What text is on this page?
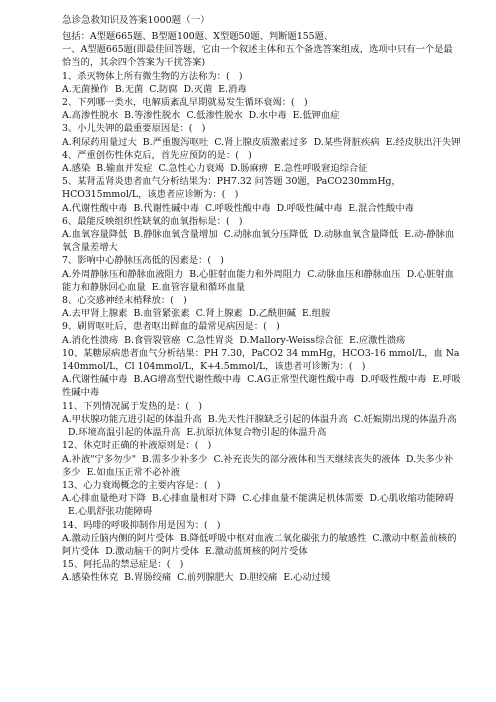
急诊急救知识及答案1000题（一）

包括：A型题665题、B型题100题、X型题50题、判断题155题、

一、A型题665题(即最佳回答题，它由一个叙述主体和五个备选答案组成，选项中只有一个是最恰当的，其余四个答案为干扰答案)

1、杀灭物体上所有微生物的方法称为：(　)

A.无菌操作 B.无菌 C.防腐 D.灭菌 E.消毒

2、下列哪一类水，电解质紊乱早期就易发生循环衰竭：(　)

A.高渗性脱水 B.等渗性脱水 C.低渗性脱水 D.水中毒 E.低钾血症

3、小儿失钾的最重要原因是：(　)

A.利尿药用量过大 B.严重腹泻呕吐 C.肾上腺皮质激素过多 D.某些肾脏疾病 E.经皮肤出汗失钾

4、严重创伤性休克后，首先应预防的是：(　)

A.感染 B.输血并发症 C.急性心力衰竭 D.肠麻痹 E.急性呼吸窘迫综合征

5、某肾盂肾炎患者血气分析结果为：PH7.32 问答题 30题，PaCO230mmHg，HCO315mmol/L，该患者应诊断为：(　)

A.代谢性酸中毒 B.代谢性碱中毒 C.呼吸性酸中毒 D.呼吸性碱中毒 E.混合性酸中毒

6、最能反映组织性缺氧的血氧指标是：(　)

A.血氧容量降低 B.静脉血氧含量增加 C.动脉血氧分压降低 D.动脉血氧含量降低 E.动-静脉血氧含量差增大

7、影响中心静脉压高低的因素是：(　)

A.外周静脉压和静脉血液阻力 B.心脏射血能力和外周阻力 C.动脉血压和静脉血压 D.心脏射血能力和静脉回心血量 E.血管容量和循环血量

8、心交感神经末梢释放：(　)

A.去甲肾上腺素 B.血管紧张素 C.肾上腺素 D.乙酰胆碱 E.组胺

9、刷胃呕吐后，患者呕出鲜血的最常见病因是：(　)

A.消化性溃疡 B.食管裂管癌 C.急性胃炎 D.Mallory-Weiss综合征 E.应激性溃疡

10、某糖尿病患者血气分析结果：PH 7.30，PaCO2 34 mmHg，HCO3-16 mmol/L，血 Na 140mmol/L，Cl 104mmol/L，K+4.5mmol/L，该患者可诊断为：(　)

A.代谢性碱中毒 B.AG增高型代谢性酸中毒 C.AG正常型代谢性酸中毒 D.呼吸性酸中毒 E.呼吸性碱中毒

11、下列情况属于发热的是：(　)

A.甲状腺功能亢进引起的体温升高 B.先天性汗腺缺乏引起的体温升高 C.妊娠期出现的体温升高D.环境高温引起的体温升高 E.抗原抗体复合物引起的体温升高

12、休克时正确的补液原则是：(　)

A.补液"宁多勿少" B.需多少补多少 C.补充丧失的部分液体和当天继续丧失的液体 D.失多少补多少 E.如血压正常不必补液

13、心力衰竭概念的主要内容是：(　)

A.心排血量绝对下降 B.心排血量相对下降 C.心排血量不能满足机体需要 D.心肌收缩功能障碍E.心肌舒张功能障碍

14、吗啡的呼吸抑制作用是因为：(　)

A.激动丘脑内侧的阿片受体 B.降低呼吸中枢对血液二氧化碳张力的敏感性 C.激动中枢盖前核的阿片受体 D.激动脑干的阿片受体 E.激动蓝斑核的阿片受体

15、阿托品的禁忌症是：(　)

A.感染性休克 B.胃肠绞痛 C.前列腺肥大 D.胆绞痛 E.心动过缓
